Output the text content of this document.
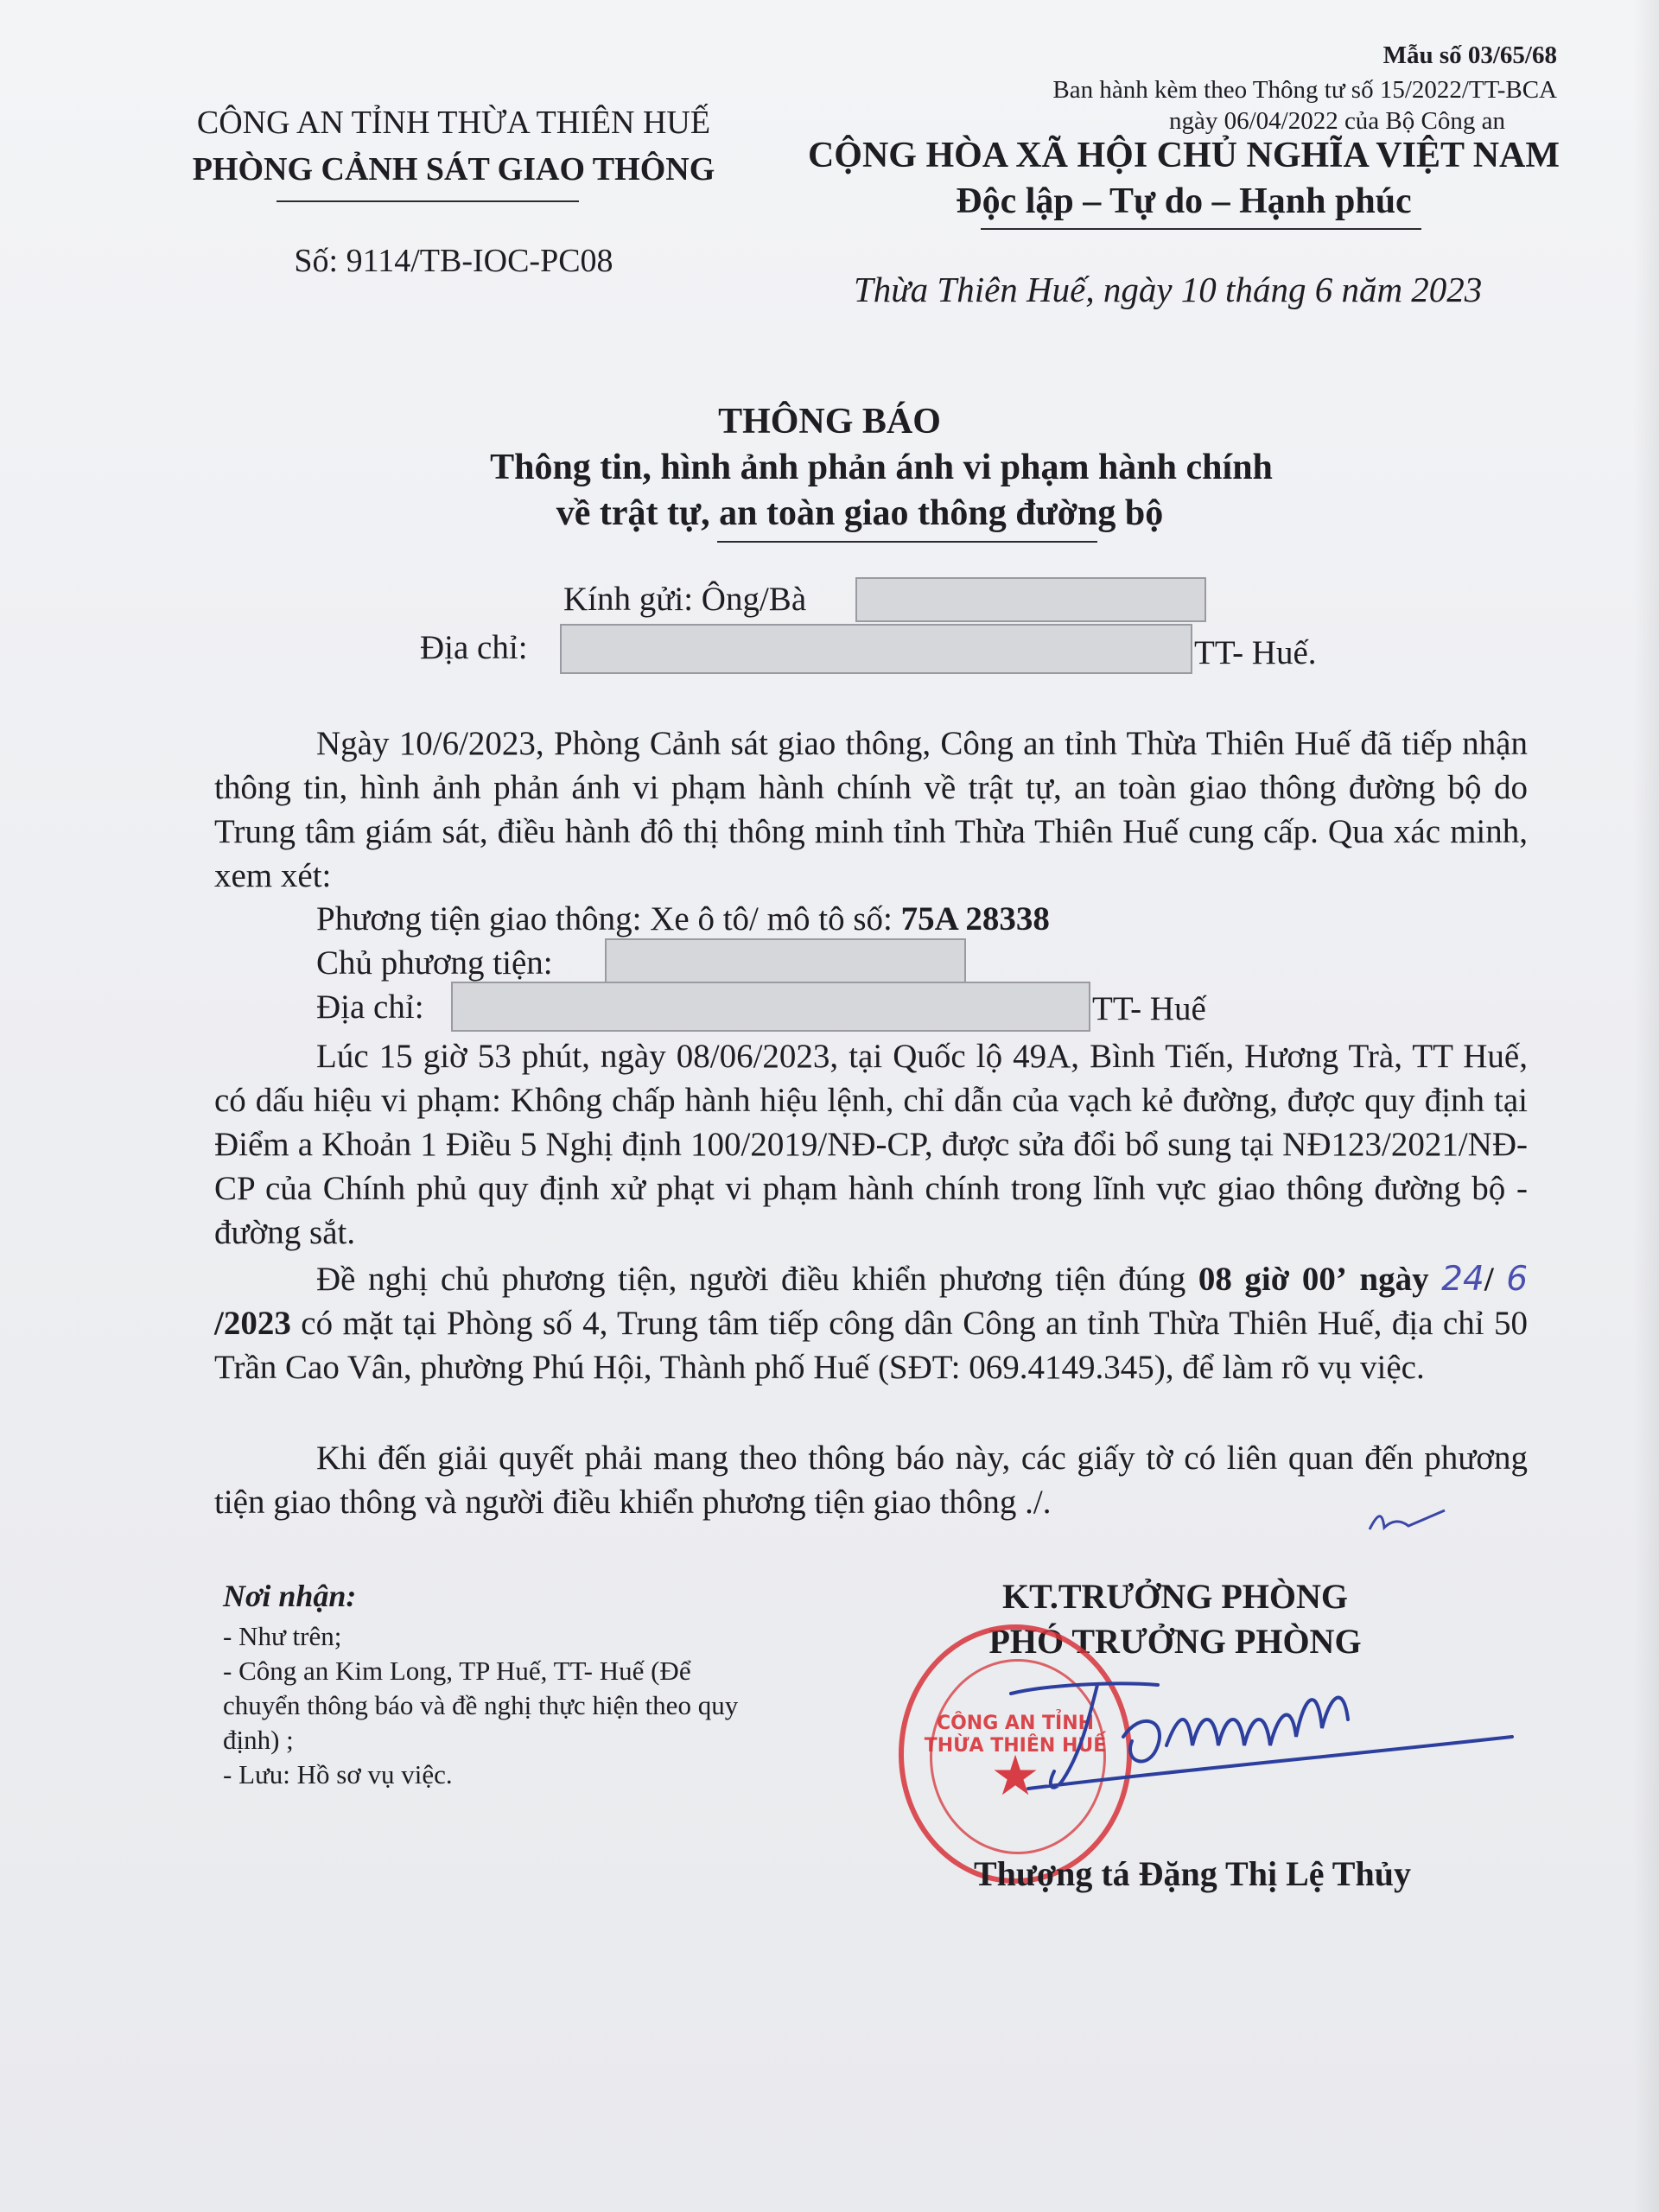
Mẫu số 03/65/68
Ban hành kèm theo Thông tư số 15/2022/TT-BCA
ngày 06/04/2022 của Bộ Công an
CÔNG AN TỈNH THỪA THIÊN HUẾ
PHÒNG CẢNH SÁT GIAO THÔNG
Số: 9114/TB-IOC-PC08
CỘNG HÒA XÃ HỘI CHỦ NGHĨA VIỆT NAM
Độc lập – Tự do – Hạnh phúc
Thừa Thiên Huế, ngày 10 tháng 6 năm 2023
THÔNG BÁO
Thông tin, hình ảnh phản ánh vi phạm hành chính
về trật tự, an toàn giao thông đường bộ
Kính gửi: Ông/Bà
Địa chỉ:	TT- Huế.
Ngày 10/6/2023, Phòng Cảnh sát giao thông, Công an tỉnh Thừa Thiên Huế đã tiếp nhận thông tin, hình ảnh phản ánh vi phạm hành chính về trật tự, an toàn giao thông đường bộ do Trung tâm giám sát, điều hành đô thị thông minh tỉnh Thừa Thiên Huế cung cấp. Qua xác minh, xem xét:
Phương tiện giao thông: Xe ô tô/ mô tô số: 75A 28338
Chủ phương tiện:
Địa chỉ:	TT- Huế
Lúc 15 giờ 53 phút, ngày 08/06/2023, tại Quốc lộ 49A, Bình Tiến, Hương Trà, TT Huế, có dấu hiệu vi phạm: Không chấp hành hiệu lệnh, chỉ dẫn của vạch kẻ đường, được quy định tại Điểm a Khoản 1 Điều 5 Nghị định 100/2019/NĐ-CP, được sửa đổi bổ sung tại NĐ123/2021/NĐ-CP của Chính phủ quy định xử phạt vi phạm hành chính trong lĩnh vực giao thông đường bộ - đường sắt.
Đề nghị chủ phương tiện, người điều khiển phương tiện đúng 08 giờ 00’ ngày 24/ 6 /2023 có mặt tại Phòng số 4, Trung tâm tiếp công dân Công an tỉnh Thừa Thiên Huế, địa chỉ 50 Trần Cao Vân, phường Phú Hội, Thành phố Huế (SĐT: 069.4149.345), để làm rõ vụ việc.
Khi đến giải quyết phải mang theo thông báo này, các giấy tờ có liên quan đến phương tiện giao thông và người điều khiển phương tiện giao thông ./.
Nơi nhận:
- Như trên;
- Công an Kim Long, TP Huế, TT- Huế (Để
chuyển thông báo và đề nghị thực hiện theo quy
định) ;
- Lưu: Hồ sơ vụ việc.
KT.TRƯỞNG PHÒNG
PHÓ TRƯỞNG PHÒNG
CÔNG AN TỈNH THỪA THIÊN HUẾ
★
Thượng tá Đặng Thị Lệ Thủy
